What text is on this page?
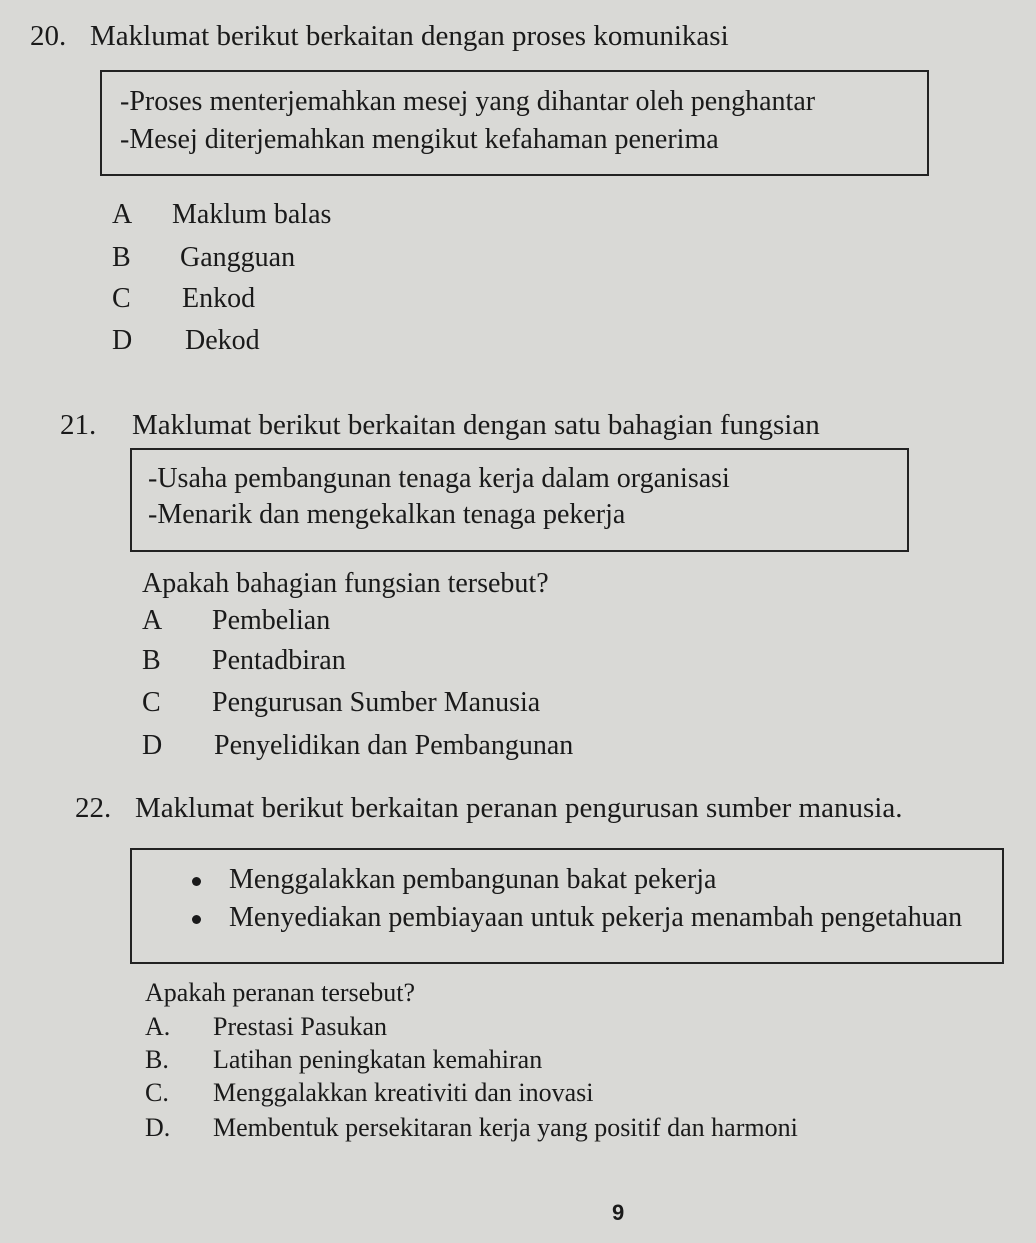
20. Maklumat berikut berkaitan dengan proses komunikasi
-Proses menterjemahkan mesej yang dihantar oleh penghantar
-Mesej diterjemahkan mengikut kefahaman penerima
A Maklum balas
B Gangguan
C Enkod
D Dekod
21. Maklumat berikut berkaitan dengan satu bahagian fungsian
-Usaha pembangunan tenaga kerja dalam organisasi
-Menarik dan mengekalkan tenaga pekerja
Apakah bahagian fungsian tersebut?
A Pembelian
B Pentadbiran
C Pengurusan Sumber Manusia
D Penyelidikan dan Pembangunan
22. Maklumat berikut berkaitan peranan pengurusan sumber manusia.
Menggalakkan pembangunan bakat pekerja
Menyediakan pembiayaan untuk pekerja menambah pengetahuan
Apakah peranan tersebut?
A. Prestasi Pasukan
B. Latihan peningkatan kemahiran
C. Menggalakkan kreativiti dan inovasi
D. Membentuk persekitaran kerja yang positif dan harmoni
9
